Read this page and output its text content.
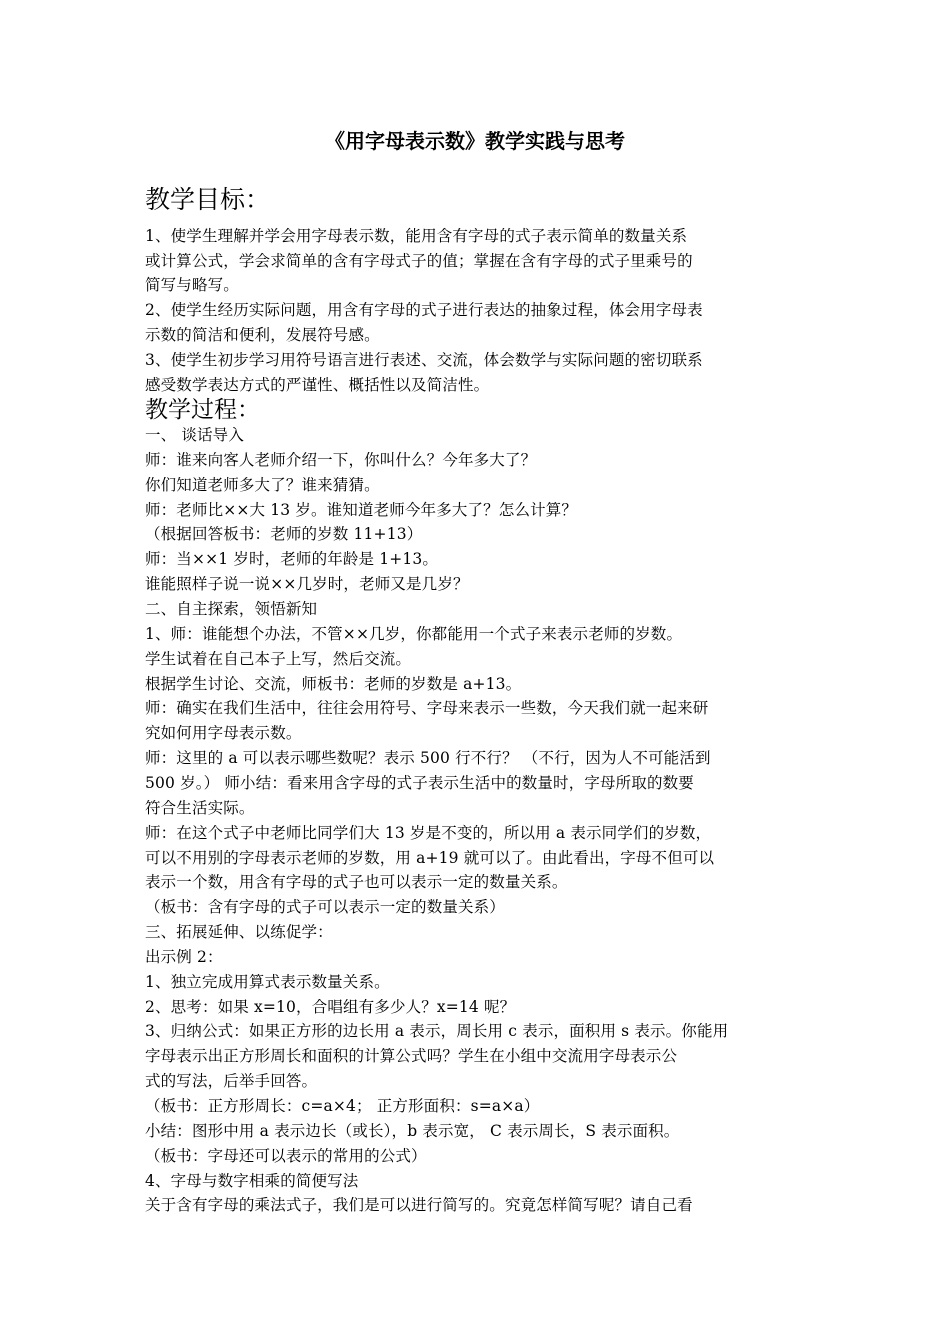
《用字母表示数》教学实践与思考
教学目标：
教学过程：
1、使学生理解并学会用字母表示数，能用含有字母的式子表示简单的数量关系
或计算公式，学会求简单的含有字母式子的值；掌握在含有字母的式子里乘号的
简写与略写。
2、使学生经历实际问题，用含有字母的式子进行表达的抽象过程，体会用字母表
示数的简洁和便利，发展符号感。
3、使学生初步学习用符号语言进行表述、交流，体会数学与实际问题的密切联系
感受数学表达方式的严谨性、概括性以及简洁性。
一、 谈话导入
师：谁来向客人老师介绍一下，你叫什么？今年多大了？
你们知道老师多大了？谁来猜猜。
师：老师比××大 13 岁。谁知道老师今年多大了？怎么计算？
（根据回答板书：老师的岁数 11+13）
师：当××1 岁时，老师的年龄是 1+13。
谁能照样子说一说××几岁时，老师又是几岁？
二、自主探索，领悟新知
1、师：谁能想个办法，不管××几岁，你都能用一个式子来表示老师的岁数。
学生试着在自己本子上写，然后交流。
根据学生讨论、交流，师板书：老师的岁数是 a+13。
师：确实在我们生活中，往往会用符号、字母来表示一些数，今天我们就一起来研
究如何用字母表示数。
师：这里的 a 可以表示哪些数呢？表示 500 行不行？ （不行，因为人不可能活到
500 岁。） 师小结：看来用含字母的式子表示生活中的数量时，字母所取的数要
符合生活实际。
师：在这个式子中老师比同学们大 13 岁是不变的，所以用 a 表示同学们的岁数，
可以不用别的字母表示老师的岁数，用 a+19 就可以了。由此看出，字母不但可以
表示一个数，用含有字母的式子也可以表示一定的数量关系。
（板书：含有字母的式子可以表示一定的数量关系）
三、拓展延伸、以练促学：
出示例 2：
1、独立完成用算式表示数量关系。
2、思考：如果 x=10，合唱组有多少人？x=14 呢？
3、归纳公式：如果正方形的边长用 a 表示，周长用 c 表示，面积用 s 表示。你能用
字母表示出正方形周长和面积的计算公式吗？学生在小组中交流用字母表示公
式的写法，后举手回答。
（板书：正方形周长：c=a×4； 正方形面积：s=a×a）
小结：图形中用 a 表示边长（或长），b 表示宽， C 表示周长，S 表示面积。
（板书：字母还可以表示的常用的公式）
4、字母与数字相乘的简便写法
关于含有字母的乘法式子，我们是可以进行简写的。究竟怎样简写呢？请自己看
